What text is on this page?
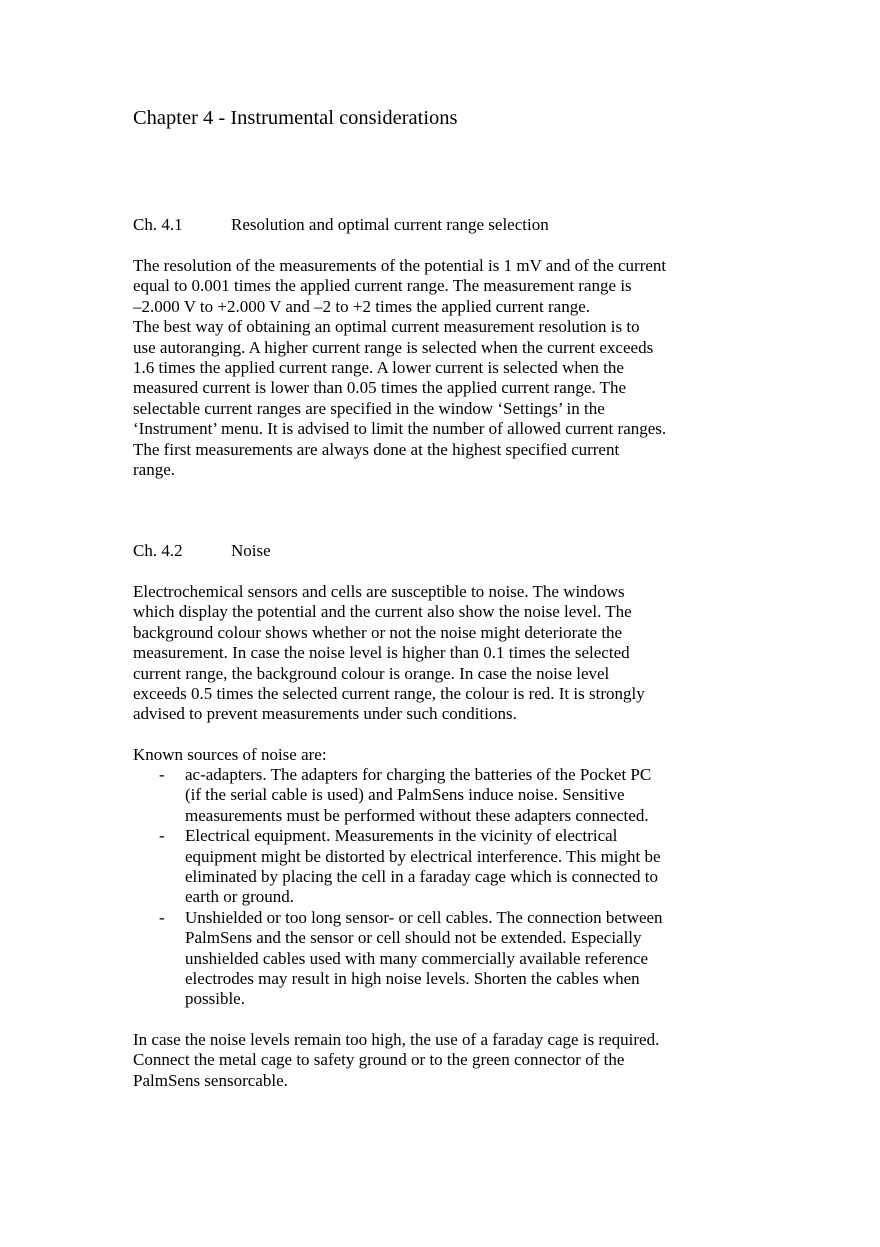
Chapter 4 - Instrumental considerations
Ch. 4.1	Resolution and optimal current range selection

The resolution of the measurements of the potential is 1 mV and of the current
equal to 0.001 times the applied current range. The measurement range is
–2.000 V to +2.000 V and –2 to +2 times the applied current range.
The best way of obtaining an optimal current measurement resolution is to
use autoranging. A higher current range is selected when the current exceeds
1.6 times the applied current range. A lower current is selected when the
measured current is lower than 0.05 times the applied current range. The
selectable current ranges are specified in the window ‘Settings’ in the
‘Instrument’ menu. It is advised to limit the number of allowed current ranges.
The first measurements are always done at the highest specified current
range.

Ch. 4.2	Noise

Electrochemical sensors and cells are susceptible to noise. The windows
which display the potential and the current also show the noise level. The
background colour shows whether or not the noise might deteriorate the
measurement. In case the noise level is higher than 0.1 times the selected
current range, the background colour is orange. In case the noise level
exceeds 0.5 times the selected current range, the colour is red. It is strongly
advised to prevent measurements under such conditions.

Known sources of noise are:

- ac-adapters. The adapters for charging the batteries of the Pocket PC
(if the serial cable is used) and PalmSens induce noise. Sensitive
measurements must be performed without these adapters connected.
- Electrical equipment. Measurements in the vicinity of electrical
equipment might be distorted by electrical interference. This might be
eliminated by placing the cell in a faraday cage which is connected to
earth or ground.
- Unshielded or too long sensor- or cell cables. The connection between
PalmSens and the sensor or cell should not be extended. Especially
unshielded cables used with many commercially available reference
electrodes may result in high noise levels. Shorten the cables when
possible.

In case the noise levels remain too high, the use of a faraday cage is required.
Connect the metal cage to safety ground or to the green connector of the
PalmSens sensorcable.
